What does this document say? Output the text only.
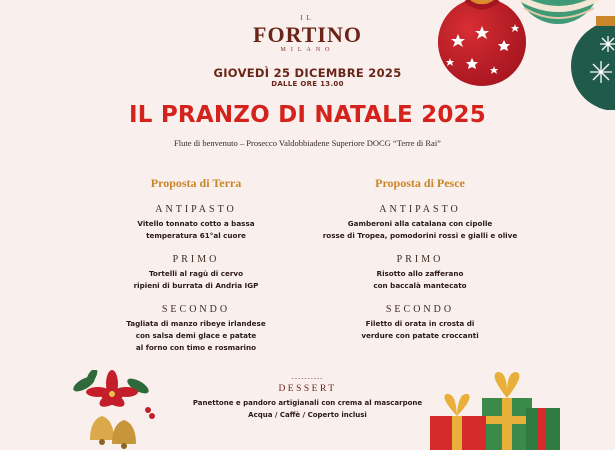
IL
FORTINO
MILANO
GIOVEDÌ 25 DICEMBRE 2025
DALLE ORE 13.00
IL PRANZO DI NATALE 2025
Flute di benvenuto – Prosecco Valdobbiadene Superiore DOCG “Terre di Rai”
Proposta di Terra
ANTIPASTO
Vitello tonnato cotto a bassa
temperatura 61°al cuore
PRIMO
Tortelli al ragù di cervo
ripieni di burrata di Andria IGP
SECONDO
Tagliata di manzo ribeye irlandese
con salsa demi glace e patate
al forno con timo e rosmarino
Proposta di Pesce
ANTIPASTO
Gamberoni alla catalana con cipolle
rosse di Tropea, pomodorini rossi e gialli e olive
PRIMO
Risotto allo zafferano
con baccalà mantecato
SECONDO
Filetto di orata in crosta di
verdure con patate croccanti
----------
DESSERT
Panettone e pandoro artigianali con crema al mascarpone
Acqua / Caffè / Coperto inclusi
